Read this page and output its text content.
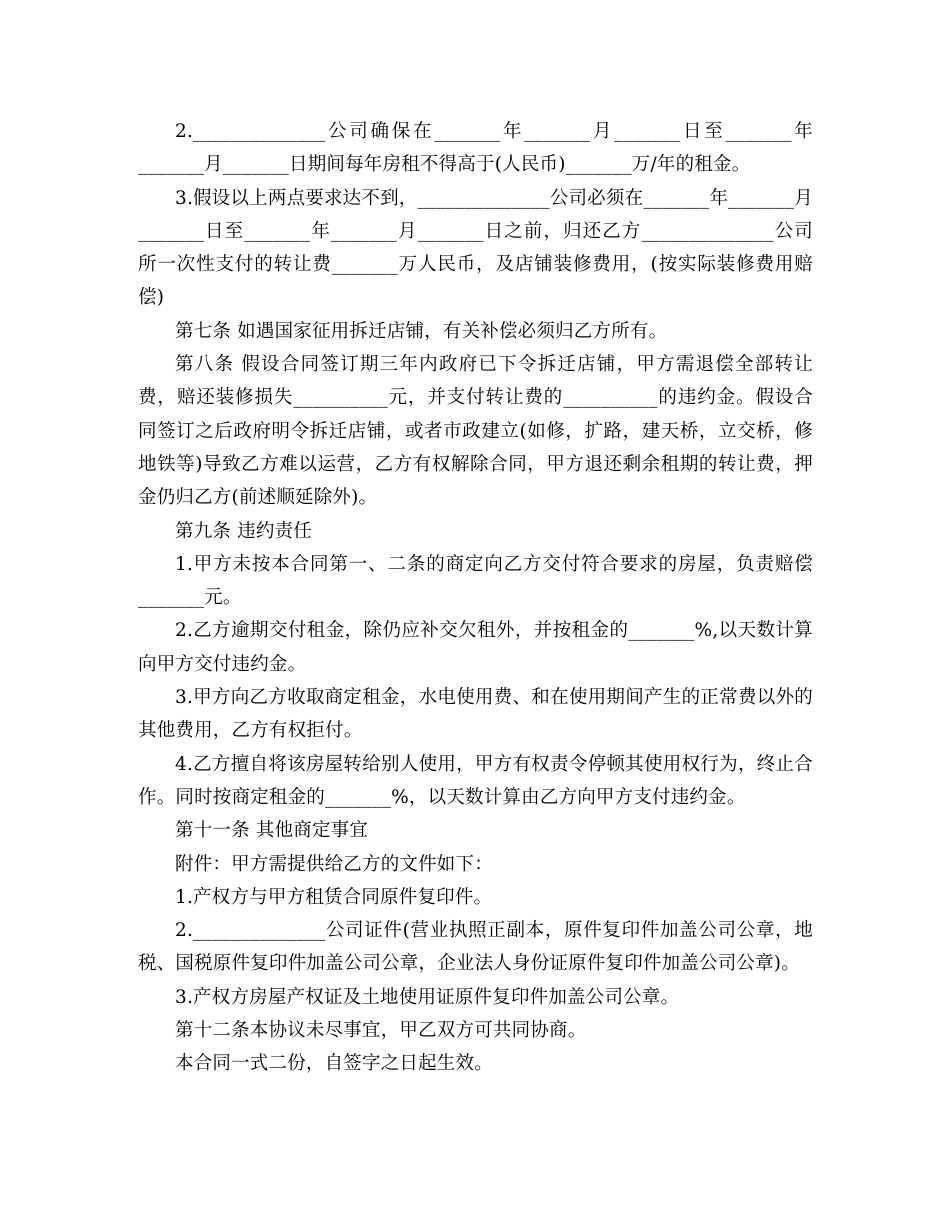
2.______________公司确保在_______年_______月_______日至_______年_______月_______日期间每年房租不得高于(人民币)_______万/年的租金。

3.假设以上两点要求达不到，______________公司必须在_______年_______月_______日至_______年_______月_______日之前，归还乙方______________公司所一次性支付的转让费_______万人民币，及店铺装修费用，(按实际装修费用赔偿)

第七条 如遇国家征用拆迁店铺，有关补偿必须归乙方所有。

第八条 假设合同签订期三年内政府已下令拆迁店铺，甲方需退偿全部转让费，赔还装修损失__________元，并支付转让费的__________的违约金。假设合同签订之后政府明令拆迁店铺，或者市政建立(如修，扩路，建天桥，立交桥，修地铁等)导致乙方难以运营，乙方有权解除合同，甲方退还剩余租期的转让费，押金仍归乙方(前述顺延除外)。

第九条 违约责任

1.甲方未按本合同第一、二条的商定向乙方交付符合要求的房屋，负责赔偿_______元。

2.乙方逾期交付租金，除仍应补交欠租外，并按租金的_______%,以天数计算向甲方交付违约金。

3.甲方向乙方收取商定租金，水电使用费、和在使用期间产生的正常费以外的其他费用，乙方有权拒付。

4.乙方擅自将该房屋转给别人使用，甲方有权责令停顿其使用权行为，终止合作。同时按商定租金的_______%，以天数计算由乙方向甲方支付违约金。

第十一条 其他商定事宜

附件：甲方需提供给乙方的文件如下：

1.产权方与甲方租赁合同原件复印件。

2.______________公司证件(营业执照正副本，原件复印件加盖公司公章，地税、国税原件复印件加盖公司公章，企业法人身份证原件复印件加盖公司公章)。

3.产权方房屋产权证及土地使用证原件复印件加盖公司公章。

第十二条本协议未尽事宜，甲乙双方可共同协商。

本合同一式二份，自签字之日起生效。
